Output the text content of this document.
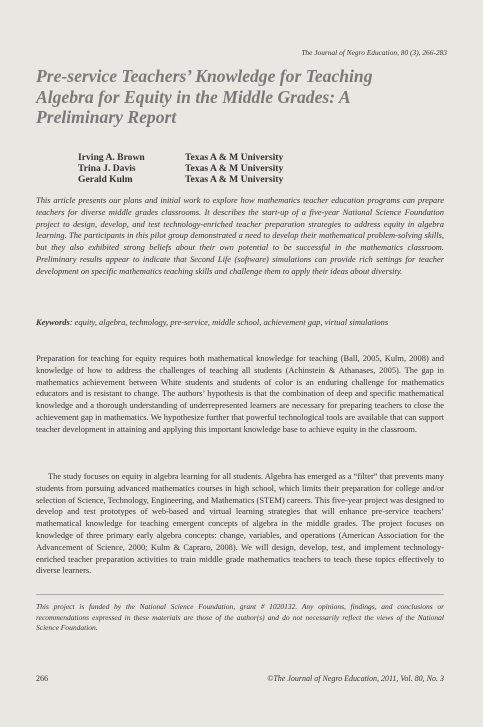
The Journal of Negro Education, 80 (3), 266-283
Pre-service Teachers’ Knowledge for Teaching
Algebra for Equity in the Middle Grades: A
Preliminary Report
Irving A. Brown	Texas A & M University
Trina J. Davis	Texas A & M University
Gerald Kulm	Texas A & M University

This article presents our plans and initial work to explore how mathematics teacher education programs can prepare teachers for diverse middle grades classrooms. It describes the start-up of a five-year National Science Foundation project to design, develop, and test technology-enriched teacher preparation strategies to address equity in algebra learning. The participants in this pilot group demonstrated a need to develop their mathematical problem-solving skills, but they also exhibited strong beliefs about their own potential to be successful in the mathematics classroom. Preliminary results appear to indicate that Second Life (software) simulations can provide rich settings for teacher development on specific mathematics teaching skills and challenge them to apply their ideas about diversity.

Keywords: equity, algebra, technology, pre-service, middle school, achievement gap, virtual simulations

Preparation for teaching for equity requires both mathematical knowledge for teaching (Ball, 2005, Kulm, 2008) and knowledge of how to address the challenges of teaching all students (Achinstein & Athanases, 2005). The gap in mathematics achievement between White students and students of color is an enduring challenge for mathematics educators and is resistant to change. The authors’ hypothesis is that the combination of deep and specific mathematical knowledge and a thorough understanding of underrepresented learners are necessary for preparing teachers to close the achievement gap in mathematics. We hypothesize further that powerful technological tools are available that can support teacher development in attaining and applying this important knowledge base to achieve equity in the classroom.

The study focuses on equity in algebra learning for all students. Algebra has emerged as a “filter” that prevents many students from pursuing advanced mathematics courses in high school, which limits their preparation for college and/or selection of Science, Technology, Engineering, and Mathematics (STEM) careers. This five-year project was designed to develop and test prototypes of web-based and virtual learning strategies that will enhance pre-service teachers’ mathematical knowledge for teaching emergent concepts of algebra in the middle grades. The project focuses on knowledge of three primary early algebra concepts: change, variables, and operations (American Association for the Advancement of Science, 2000; Kulm & Capraro, 2008). We will design, develop, test, and implement technology-enriched teacher preparation activities to train middle grade mathematics teachers to teach these topics effectively to diverse learners.

This project is funded by the National Science Foundation, grant # 1020132. Any opinions, findings, and conclusions or recommendations expressed in these materials are those of the author(s) and do not necessarily reflect the views of the National Science Foundation.

266	©The Journal of Negro Education, 2011, Vol. 80, No. 3
